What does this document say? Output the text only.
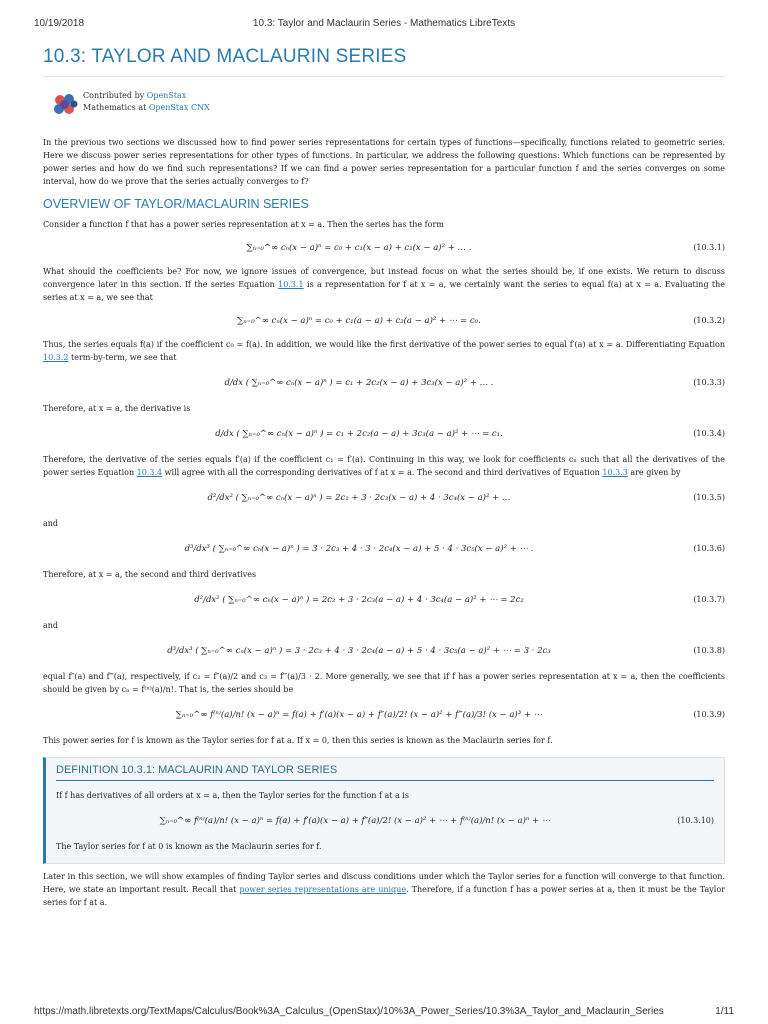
10/19/2018	10.3: Taylor and Maclaurin Series - Mathematics LibreTexts
10.3: TAYLOR AND MACLAURIN SERIES
Contributed by OpenStax
Mathematics at OpenStax CNX

In the previous two sections we discussed how to find power series representations for certain types of functions—specifically, functions related to geometric series. Here we discuss power series representations for other types of functions. In particular, we address the following questions: Which functions can be represented by power series and how do we find such representations? If we can find a power series representation for a particular function f and the series converges on some interval, how do we prove that the series actually converges to f?

OVERVIEW OF TAYLOR/MACLAURIN SERIES

Consider a function f that has a power series representation at x = a. Then the series has the form

∑ₙ₌₀^∞ cₙ(x − a)ⁿ = c₀ + c₁(x − a) + c₂(x − a)² + … .	(10.3.1)

What should the coefficients be? For now, we ignore issues of convergence, but instead focus on what the series should be, if one exists. We return to discuss convergence later in this section. If the series Equation 10.3.1 is a representation for f at x = a, we certainly want the series to equal f(a) at x = a. Evaluating the series at x = a, we see that

∑ₙ₌₀^∞ cₙ(x − a)ⁿ = c₀ + c₁(a − a) + c₂(a − a)² + ⋯ = c₀.	(10.3.2)

Thus, the series equals f(a) if the coefficient c₀ = f(a). In addition, we would like the first derivative of the power series to equal f′(a) at x = a. Differentiating Equation 10.3.2 term-by-term, we see that

d/dx ( ∑ₙ₌₀^∞ cₙ(x − a)ⁿ ) = c₁ + 2c₂(x − a) + 3c₃(x − a)² + … .	(10.3.3)

Therefore, at x = a, the derivative is

d/dx ( ∑ₙ₌₀^∞ cₙ(x − a)ⁿ ) = c₁ + 2c₂(a − a) + 3c₃(a − a)² + ⋯ = c₁.	(10.3.4)

Therefore, the derivative of the series equals f′(a) if the coefficient c₁ = f′(a). Continuing in this way, we look for coefficients cₙ such that all the derivatives of the power series Equation 10.3.4 will agree with all the corresponding derivatives of f at x = a. The second and third derivatives of Equation 10.3.3 are given by

d²/dx² ( ∑ₙ₌₀^∞ cₙ(x − a)ⁿ ) = 2c₂ + 3 · 2c₃(x − a) + 4 · 3c₄(x − a)² + …	(10.3.5)

and

d³/dx³ ( ∑ₙ₌₀^∞ cₙ(x − a)ⁿ ) = 3 · 2c₃ + 4 · 3 · 2c₄(x − a) + 5 · 4 · 3c₅(x − a)² + ⋯ .	(10.3.6)

Therefore, at x = a, the second and third derivatives

d²/dx² ( ∑ₙ₌₀^∞ cₙ(x − a)ⁿ ) = 2c₂ + 3 · 2c₃(a − a) + 4 · 3c₄(a − a)² + ⋯ = 2c₂	(10.3.7)

and

d³/dx³ ( ∑ₙ₌₀^∞ cₙ(x − a)ⁿ ) = 3 · 2c₃ + 4 · 3 · 2c₄(a − a) + 5 · 4 · 3c₅(a − a)² + ⋯ = 3 · 2c₃	(10.3.8)

equal f″(a) and f‴(a), respectively, if c₂ = f″(a)/2 and c₃ = f‴(a)/3 · 2. More generally, we see that if f has a power series representation at x = a, then the coefficients should be given by cₙ = f⁽ⁿ⁾(a)/n!. That is, the series should be

∑ₙ₌₀^∞ f⁽ⁿ⁾(a)/n! (x − a)ⁿ = f(a) + f′(a)(x − a) + f″(a)/2! (x − a)² + f‴(a)/3! (x − a)³ + ⋯	(10.3.9)

This power series for f is known as the Taylor series for f at a. If x = 0, then this series is known as the Maclaurin series for f.

DEFINITION 10.3.1: MACLAURIN AND TAYLOR SERIES

If f has derivatives of all orders at x = a, then the Taylor series for the function f at a is

∑ₙ₌₀^∞ f⁽ⁿ⁾(a)/n! (x − a)ⁿ = f(a) + f′(a)(x − a) + f″(a)/2! (x − a)² + ⋯ + f⁽ⁿ⁾(a)/n! (x − a)ⁿ + ⋯	(10.3.10)

The Taylor series for f at 0 is known as the Maclaurin series for f.

Later in this section, we will show examples of finding Taylor series and discuss conditions under which the Taylor series for a function will converge to that function. Here, we state an important result. Recall that power series representations are unique. Therefore, if a function f has a power series at a, then it must be the Taylor series for f at a.

https://math.libretexts.org/TextMaps/Calculus/Book%3A_Calculus_(OpenStax)/10%3A_Power_Series/10.3%3A_Taylor_and_Maclaurin_Series	1/11
